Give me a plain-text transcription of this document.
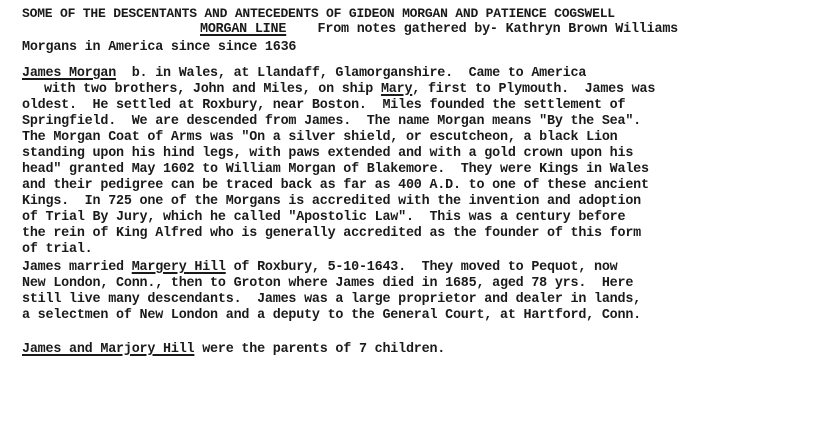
SOME OF THE DESCENTANTS AND ANTECEDENTS OF GIDEON MORGAN AND PATIENCE COGSWELL
MORGAN LINE From notes gathered by- Kathryn Brown Williams
Morgans in America since since 1636
James Morgan  b. in Wales, at Llandaff, Glamorganshire.  Came to America
with two brothers, John and Miles, on ship Mary, first to Plymouth.  James was
oldest.  He settled at Roxbury, near Boston.  Miles founded the settlement of
Springfield.  We are descended from James.  The name Morgan means "By the Sea".
The Morgan Coat of Arms was "On a silver shield, or escutcheon, a black Lion
standing upon his hind legs, with paws extended and with a gold crown upon his
head" granted May 1602 to William Morgan of Blakemore.  They were Kings in Wales
and their pedigree can be traced back as far as 400 A.D. to one of these ancient
Kings.  In 725 one of the Morgans is accredited with the invention and adoption
of Trial By Jury, which he called "Apostolic Law".  This was a century before
the rein of King Alfred who is generally accredited as the founder of this form
of trial.
James married Margery Hill of Roxbury, 5-10-1643.  They moved to Pequot, now
New London, Conn., then to Groton where James died in 1685, aged 78 yrs.  Here
still live many descendants.  James was a large proprietor and dealer in lands,
a selectmen of New London and a deputy to the General Court, at Hartford, Conn.
James and Marjory Hill were the parents of 7 children.
